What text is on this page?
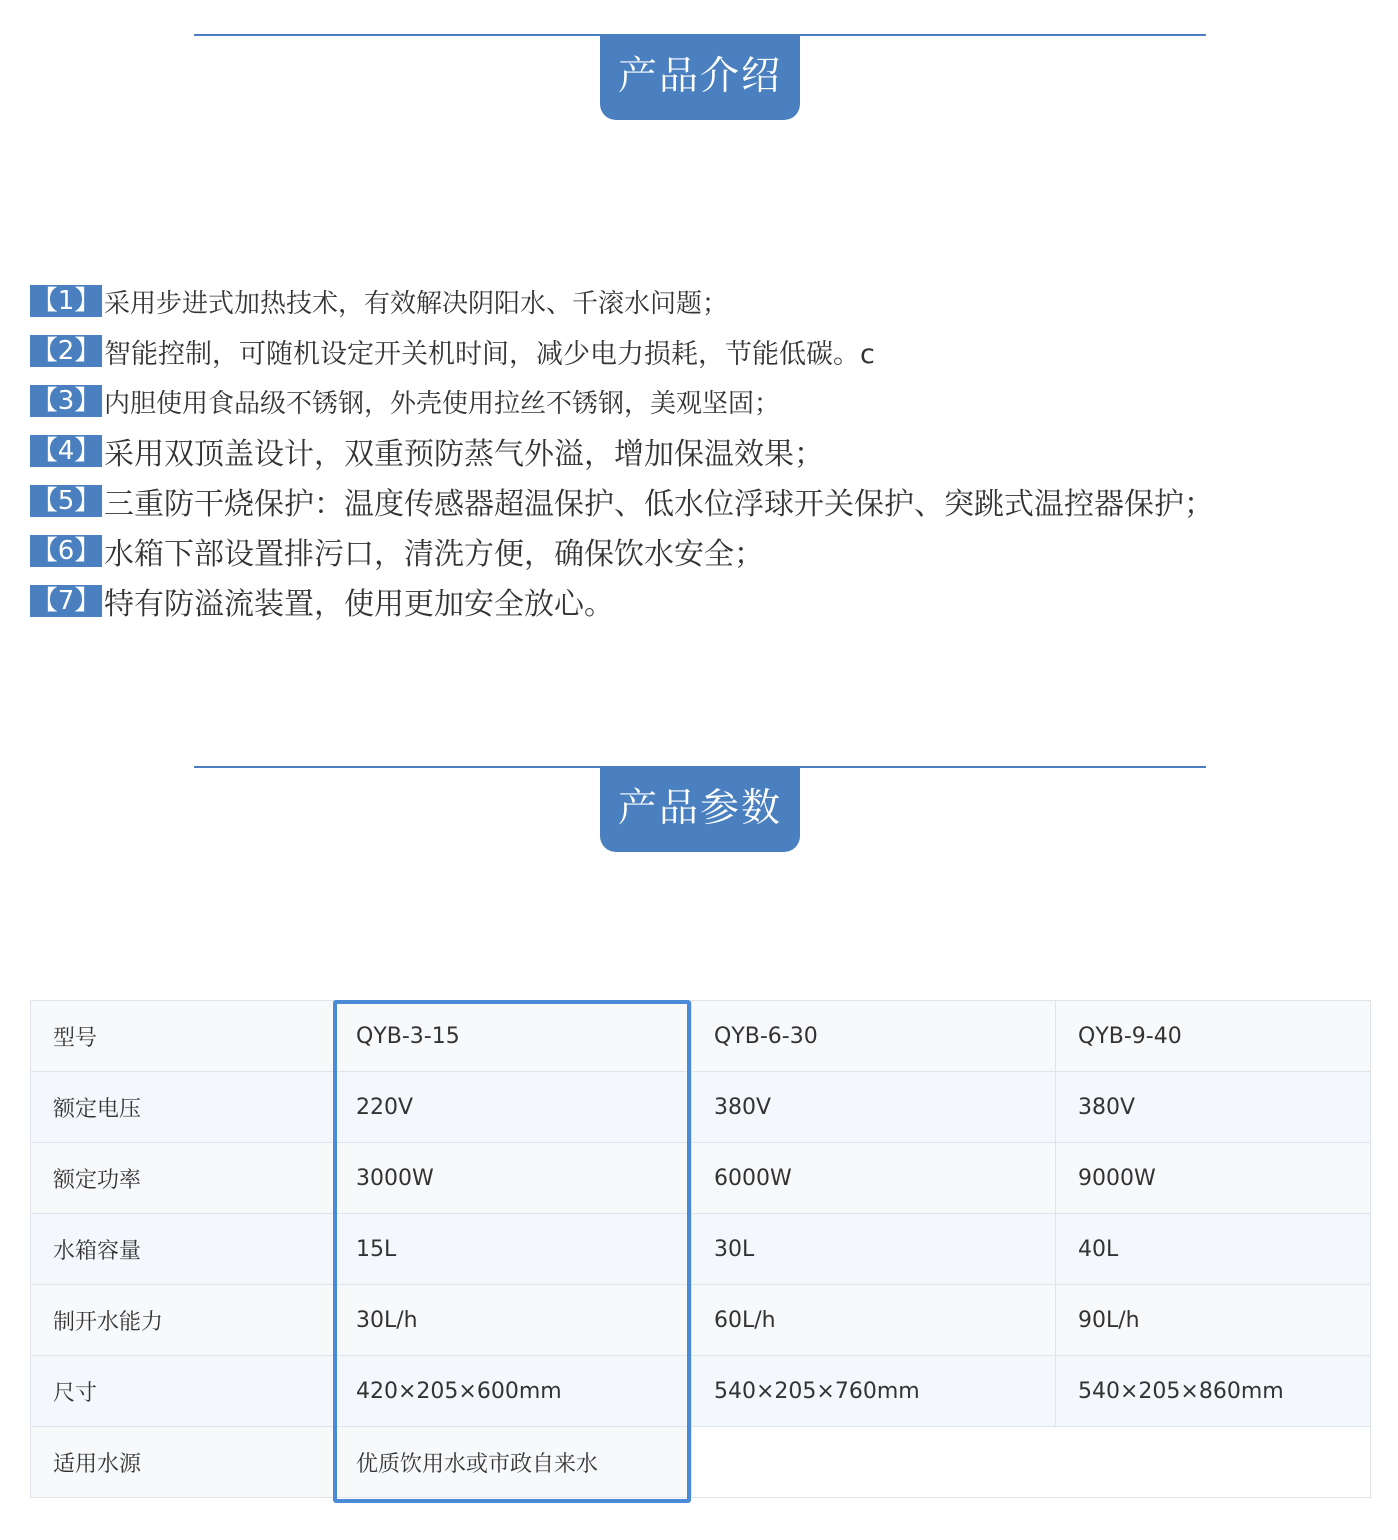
产品介绍
【1】 采用步进式加热技术，有效解决阴阳水、千滚水问题；
【2】 智能控制，可随机设定开关机时间，减少电力损耗，节能低碳。c
【3】 内胆使用食品级不锈钢，外壳使用拉丝不锈钢，美观坚固；
【4】 采用双顶盖设计，双重预防蒸气外溢，增加保温效果；
【5】 三重防干烧保护：温度传感器超温保护、低水位浮球开关保护、突跳式温控器保护；
【6】 水箱下部设置排污口，清洗方便，确保饮水安全；
【7】 特有防溢流装置，使用更加安全放心。
产品参数
型号	QYB-3-15	QYB-6-30	QYB-9-40
额定电压	220V	380V	380V
额定功率	3000W	6000W	9000W
水箱容量	15L	30L	40L
制开水能力	30L/h	60L/h	90L/h
尺寸	420×205×600mm	540×205×760mm	540×205×860mm
适用水源	优质饮用水或市政自来水		
